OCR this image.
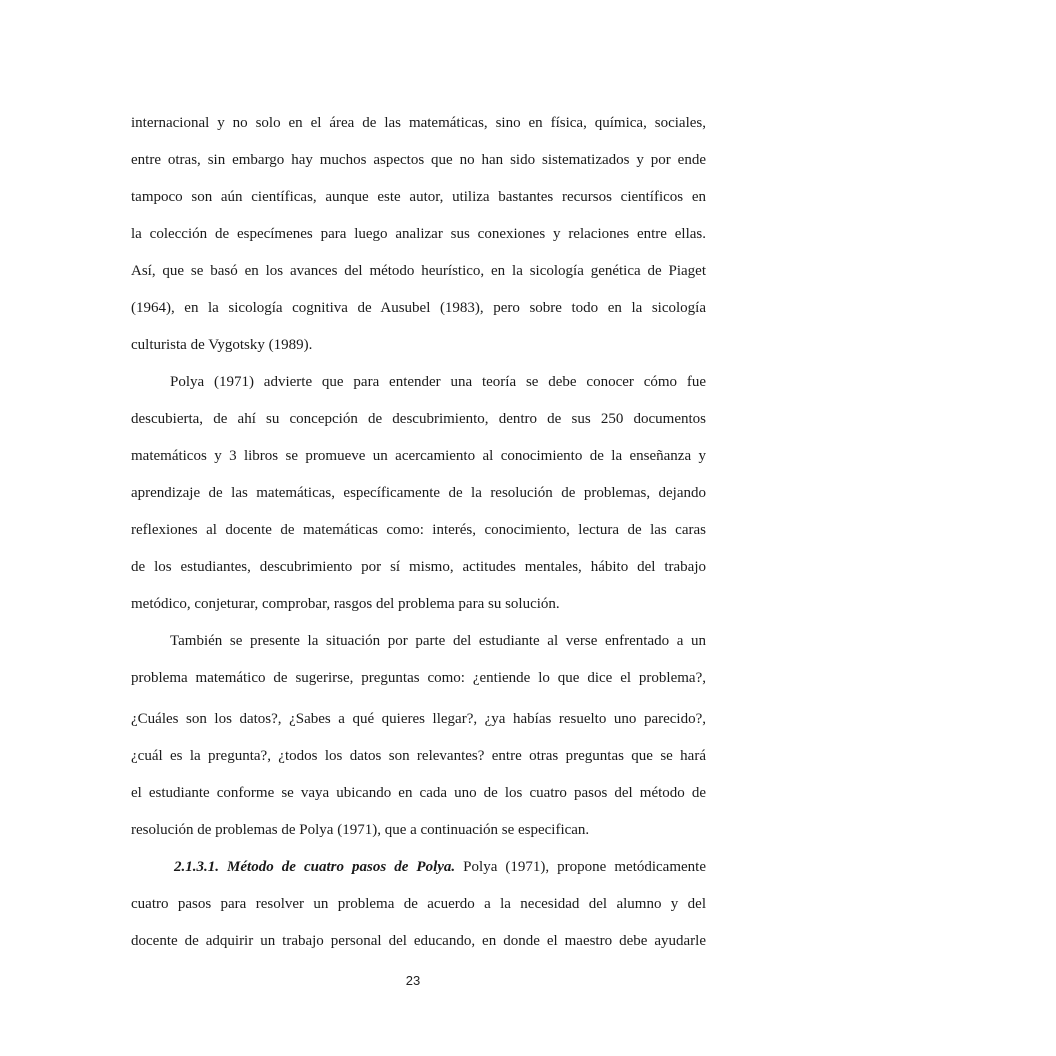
internacional y no solo en el área de las matemáticas, sino en física, química, sociales,
entre otras, sin embargo hay muchos aspectos que no han sido sistematizados y por ende
tampoco son aún científicas, aunque este autor, utiliza bastantes recursos científicos en
la colección de especímenes para luego analizar sus conexiones y relaciones entre ellas.
Así, que se basó en los avances del método heurístico, en la sicología genética de Piaget
(1964), en la sicología cognitiva de Ausubel (1983), pero sobre todo en la sicología
culturista de Vygotsky (1989).
Polya (1971) advierte que para entender una teoría se debe conocer cómo fue
descubierta, de ahí su concepción de descubrimiento, dentro de sus 250 documentos
matemáticos y 3 libros se promueve un acercamiento al conocimiento de la enseñanza y
aprendizaje de las matemáticas, específicamente de la resolución de problemas, dejando
reflexiones al docente de matemáticas como: interés, conocimiento, lectura de las caras
de los estudiantes, descubrimiento por sí mismo, actitudes mentales, hábito del trabajo
metódico, conjeturar, comprobar, rasgos del problema para su solución.
También se presente la situación por parte del estudiante al verse enfrentado a un
problema matemático de sugerirse, preguntas como: ¿entiende lo que dice el problema?,
¿Cuáles son los datos?, ¿Sabes a qué quieres llegar?, ¿ya habías resuelto uno parecido?,
¿cuál es la pregunta?, ¿todos los datos son relevantes? entre otras preguntas que se hará
el estudiante conforme se vaya ubicando en cada uno de los cuatro pasos del método de
resolución de problemas de Polya (1971), que a continuación se especifican.
2.1.3.1. Método de cuatro pasos de Polya. Polya (1971), propone metódicamente
cuatro pasos para resolver un problema de acuerdo a la necesidad del alumno y del
docente de adquirir un trabajo personal del educando, en donde el maestro debe ayudarle
23
